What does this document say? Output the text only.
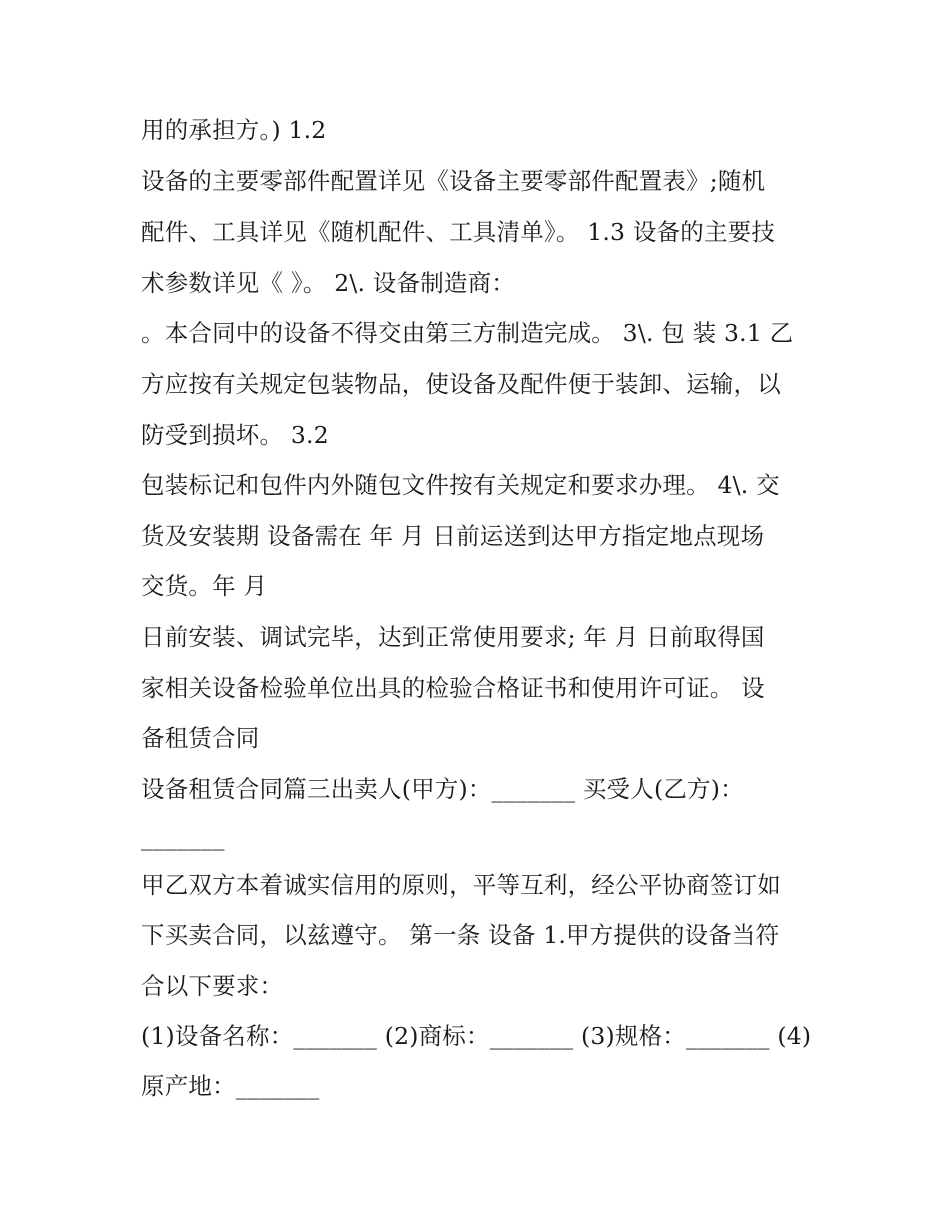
用的承担方。) 1.2
设备的主要零部件配置详见《设备主要零部件配置表》;随机
配件、工具详见《随机配件、工具清单》。 1.3 设备的主要技
术参数详见《 》。 2\. 设备制造商：
。本合同中的设备不得交由第三方制造完成。 3\. 包 装 3.1 乙
方应按有关规定包装物品，使设备及配件便于装卸、运输，以
防受到损坏。 3.2
包装标记和包件内外随包文件按有关规定和要求办理。 4\. 交
货及安装期 设备需在 年 月 日前运送到达甲方指定地点现场
交货。年 月
日前安装、调试完毕，达到正常使用要求; 年 月 日前取得国
家相关设备检验单位出具的检验合格证书和使用许可证。 设
备租赁合同
设备租赁合同篇三出卖人(甲方)：_______ 买受人(乙方)：
_______
甲乙双方本着诚实信用的原则，平等互利，经公平协商签订如
下买卖合同，以兹遵守。 第一条 设备 1.甲方提供的设备当符
合以下要求：
(1)设备名称：_______ (2)商标：_______ (3)规格：_______ (4)
原产地：_______
